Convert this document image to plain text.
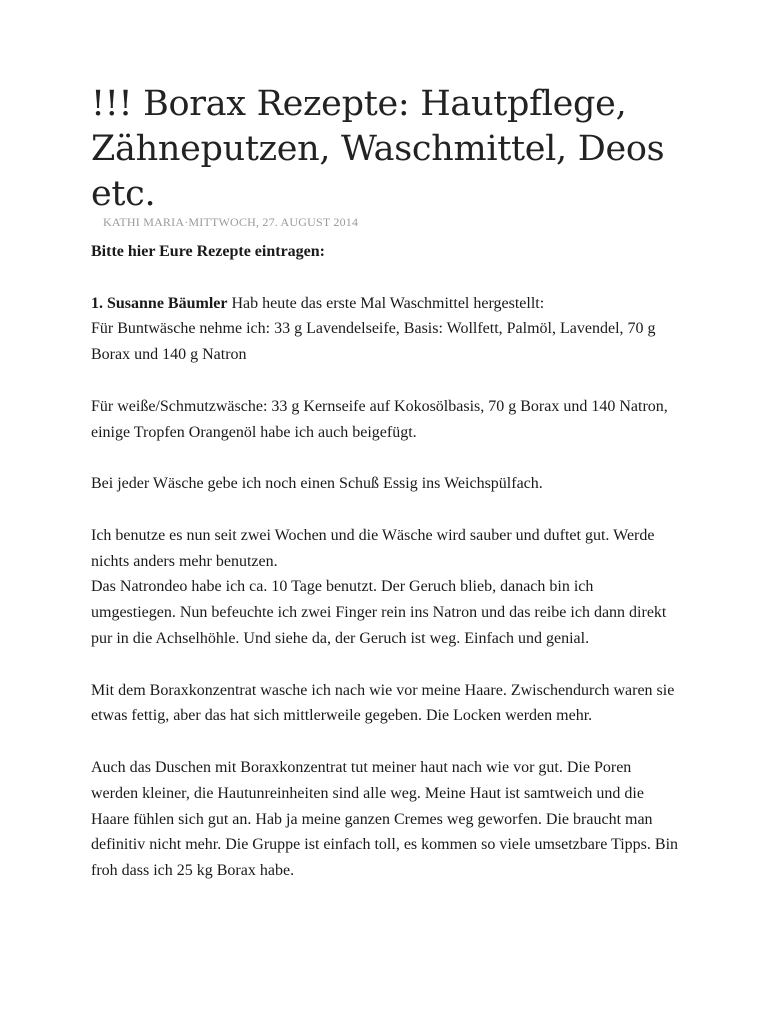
!!! Borax Rezepte: Hautpflege, Zähneputzen, Waschmittel, Deos etc.
KATHI MARIA·MITTWOCH, 27. AUGUST 2014

Bitte hier Eure Rezepte eintragen:

1. Susanne Bäumler Hab heute das erste Mal Waschmittel hergestellt:

Für Buntwäsche nehme ich: 33 g Lavendelseife, Basis: Wollfett, Palmöl, Lavendel, 70 g Borax und 140 g Natron

Für weiße/Schmutzwäsche: 33 g Kernseife auf Kokosölbasis, 70 g Borax und 140 Natron, einige Tropfen Orangenöl habe ich auch beigefügt.

Bei jeder Wäsche gebe ich noch einen Schuß Essig ins Weichspülfach.

Ich benutze es nun seit zwei Wochen und die Wäsche wird sauber und duftet gut. Werde nichts anders mehr benutzen.

Das Natrondeo habe ich ca. 10 Tage benutzt. Der Geruch blieb, danach bin ich umgestiegen. Nun befeuchte ich zwei Finger rein ins Natron und das reibe ich dann direkt pur in die Achselhöhle. Und siehe da, der Geruch ist weg. Einfach und genial.

Mit dem Boraxkonzentrat wasche ich nach wie vor meine Haare. Zwischendurch waren sie etwas fettig, aber das hat sich mittlerweile gegeben. Die Locken werden mehr.

Auch das Duschen mit Boraxkonzentrat tut meiner haut nach wie vor gut. Die Poren werden kleiner, die Hautunreinheiten sind alle weg. Meine Haut ist samtweich und die Haare fühlen sich gut an. Hab ja meine ganzen Cremes weg geworfen. Die braucht man definitiv nicht mehr. Die Gruppe ist einfach toll, es kommen so viele umsetzbare Tipps. Bin froh dass ich 25 kg Borax habe.
